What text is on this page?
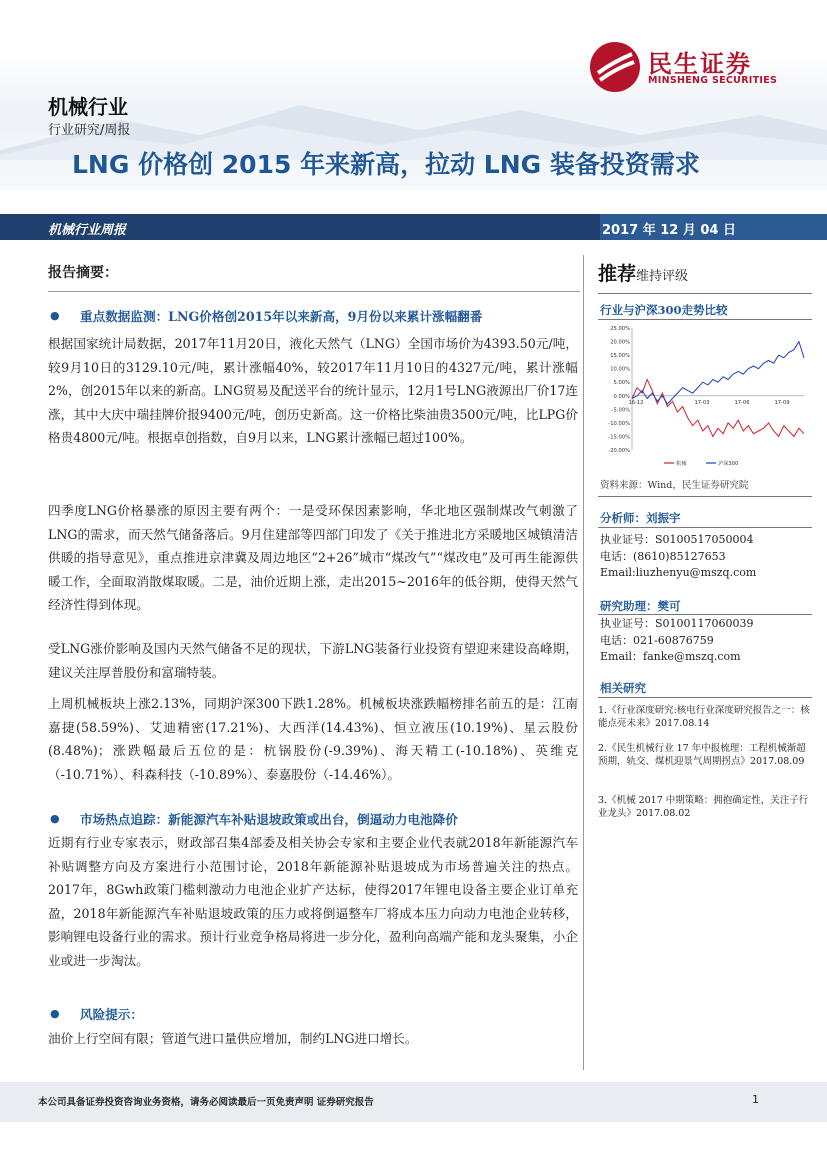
民生证券
MINSHENG SECURITIES
机械行业
行业研究/周报
LNG 价格创 2015 年来新高，拉动 LNG 装备投资需求
机械行业周报	2017 年 12 月 04 日
报告摘要：
● 重点数据监测：LNG价格创2015年以来新高，9月份以来累计涨幅翻番
根据国家统计局数据，2017年11月20日，液化天然气（LNG）全国市场价为4393.50元/吨，较9月10日的3129.10元/吨，累计涨幅40%，较2017年11月10日的4327元/吨，累计涨幅2%，创2015年以来的新高。LNG贸易及配送平台的统计显示，12月1号LNG液源出厂价17连涨，其中大庆中瑞挂牌价报9400元/吨，创历史新高。这一价格比柴油贵3500元/吨，比LPG价格贵4800元/吨。根据卓创指数，自9月以来，LNG累计涨幅已超过100%。
四季度LNG价格暴涨的原因主要有两个：一是受环保因素影响，华北地区强制煤改气刺激了LNG的需求，而天然气储备落后。9月住建部等四部门印发了《关于推进北方采暖地区城镇清洁供暖的指导意见》，重点推进京津冀及周边地区“2+26”城市“煤改气”“煤改电”及可再生能源供暖工作，全面取消散煤取暖。二是，油价近期上涨，走出2015~2016年的低谷期，使得天然气经济性得到体现。
受LNG涨价影响及国内天然气储备不足的现状，下游LNG装备行业投资有望迎来建设高峰期，建议关注厚普股份和富瑞特装。
上周机械板块上涨2.13%，同期沪深300下跌1.28%。机械板块涨跌幅榜排名前五的是：江南嘉捷(58.59%)、艾迪精密(17.21%)、大西洋(14.43%)、恒立液压(10.19%)、星云股份(8.48%)；涨跌幅最后五位的是：杭锅股份(-9.39%)、海天精工(-10.18%)、英维克（-10.71%）、科森科技（-10.89%）、泰嘉股份（-14.46%）。
● 市场热点追踪：新能源汽车补贴退坡政策或出台，倒逼动力电池降价
近期有行业专家表示，财政部召集4部委及相关协会专家和主要企业代表就2018年新能源汽车补贴调整方向及方案进行小范围讨论，2018年新能源补贴退坡成为市场普遍关注的热点。2017年，8Gwh政策门槛刺激动力电池企业扩产达标，使得2017年锂电设备主要企业订单充盈，2018年新能源汽车补贴退坡政策的压力或将倒逼整车厂将成本压力向动力电池企业转移，影响锂电设备行业的需求。预计行业竞争格局将进一步分化，盈利向高端产能和龙头聚集，小企业或进一步淘汰。
● 风险提示：
油价上行空间有限；管道气进口量供应增加，制约LNG进口增长。
推荐维持评级
行业与沪深300走势比较
25.00%
20.00%
15.00%
10.00%
5.00%
0.00%
-5.00%
-10.00%
-15.00%
-20.00%
16-12	17-03	17-06	17-09
机械	沪深300
资料来源：Wind，民生证券研究院
分析师：刘振宇
执业证号：S0100517050004
电话：(8610)85127653
Email:liuzhenyu@mszq.com
研究助理：樊可
执业证号：S0100117060039
电话：021-60876759
Email：fanke@mszq.com
相关研究
1.《行业深度研究:核电行业深度研究报告之一：核能点亮未来》2017.08.14
2.《民生机械行业 17 年中报梳理：工程机械渐超预期，轨交、煤机迎景气周期拐点》2017.08.09
3.《机械 2017 中期策略：拥抱确定性，关注子行业龙头》2017.08.02
本公司具备证券投资咨询业务资格，请务必阅读最后一页免责声明 证券研究报告	1
